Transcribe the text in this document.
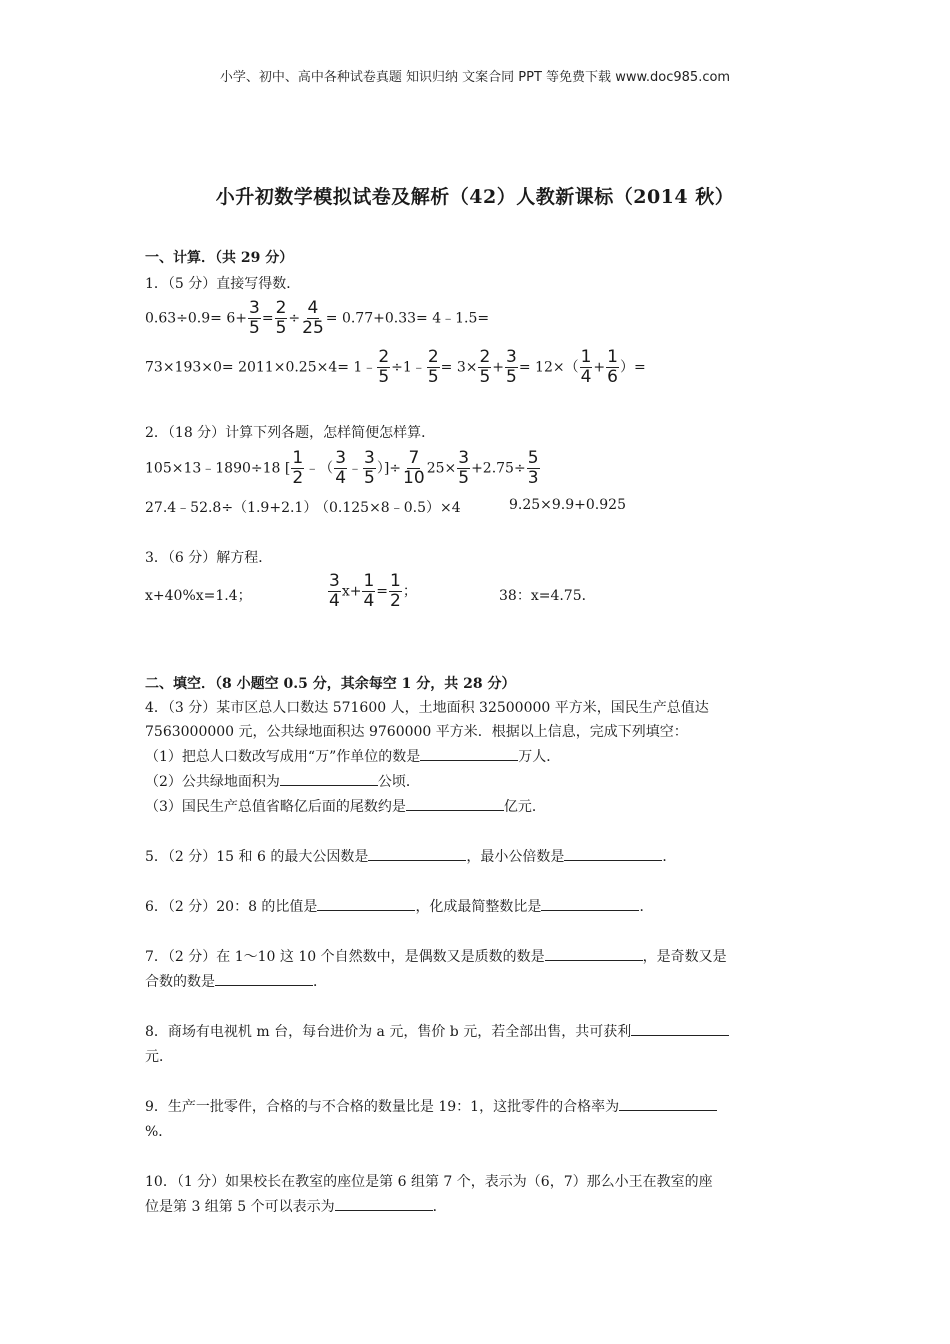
小学、初中、高中各种试卷真题 知识归纳 文案合同 PPT 等免费下载 www.doc985.com
小升初数学模拟试卷及解析（42）人教新课标（2014 秋）
一、计算．（共 29 分）
1．（5 分）直接写得数．
$0.63\div 0.9= 6+ \frac{3}{5} = \frac{2}{5} \div \frac{4}{25} = 0.77+0.33=$ 4﹣1.5=
73×193×0= 2011×0.25×4= 1﹣ $\frac{2}{5}$ ÷1﹣ $\frac{2}{5} = 3\times \frac{2}{5} + \frac{3}{5} = 12\times( \frac{1}{4} + \frac{1}{6}$ ）=
2．（18 分）计算下列各题，怎样简便怎样算．
105×13﹣1890÷18 [ $\frac{1}{2}$ ﹣（ $\frac{3}{4}$ ﹣ $\frac{3}{5}$ ）]÷ $\frac{7}{10} 25\times \frac{3}{5} +2.75\div \frac{5}{3}$
27.4﹣52.8÷（1.9+2.1）
（0.125×8﹣0.5）×4	9.25×9.9+0.925
3．（6 分）解方程．
x+40%x=1.4；	$\frac{3}{4} x+ \frac{1}{4} = \frac{1}{2}$ ；	38：x=4.75．
二、填空．（8 小题空 0.5 分，其余每空 1 分，共 28 分）
4．（3 分）某市区总人口数达 571600 人，土地面积 32500000 平方米，国民生产总值达
7563000000 元，公共绿地面积达 9760000 平方米．根据以上信息，完成下列填空：
（1）把总人口数改写成用“万”作单位的数是	万人．
（2）公共绿地面积为	公顷．
（3）国民生产总值省略亿后面的尾数约是	亿元．
5．（2 分）15 和 6 的最大公因数是	，最小公倍数是	．
6．（2 分）20：8 的比值是	，化成最简整数比是	．
7．（2 分）在 1～10 这 10 个自然数中，是偶数又是质数的数是	，是奇数又是
合数的数是	．
8．商场有电视机 m 台，每台进价为 a 元，售价 b 元，若全部出售，共可获利
元．
9．生产一批零件，合格的与不合格的数量比是 19：1，这批零件的合格率为
%．
10．（1 分）如果校长在教室的座位是第 6 组第 7 个，表示为（6，7）那么小王在教室的座
位是第 3 组第 5 个可以表示为	．
